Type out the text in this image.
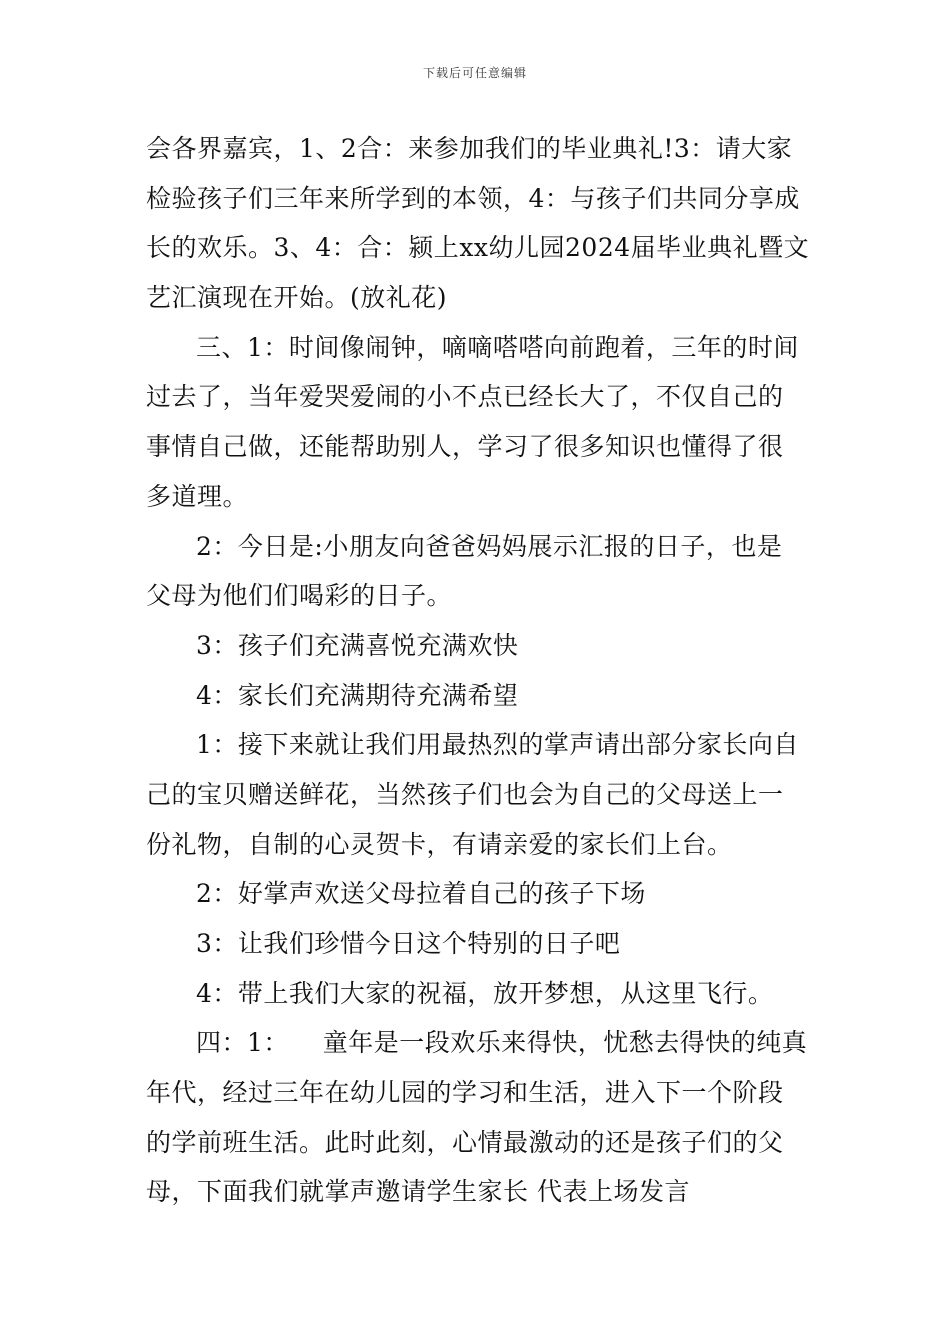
下载后可任意编辑
会各界嘉宾，1、2合：来参加我们的毕业典礼!3：请大家
检验孩子们三年来所学到的本领，4：与孩子们共同分享成
长的欢乐。3、4：合：颍上xx幼儿园2024届毕业典礼暨文
艺汇演现在开始。(放礼花)
三、1：时间像闹钟，嘀嘀嗒嗒向前跑着，三年的时间
过去了，当年爱哭爱闹的小不点已经长大了，不仅自己的
事情自己做，还能帮助别人，学习了很多知识也懂得了很
多道理。
2：今日是:小朋友向爸爸妈妈展示汇报的日子，也是
父母为他们们喝彩的日子。
3：孩子们充满喜悦充满欢快
4：家长们充满期待充满希望
1：接下来就让我们用最热烈的掌声请出部分家长向自
己的宝贝赠送鲜花，当然孩子们也会为自己的父母送上一
份礼物，自制的心灵贺卡，有请亲爱的家长们上台。
2：好掌声欢送父母拉着自己的孩子下场
3：让我们珍惜今日这个特别的日子吧
4：带上我们大家的祝福，放开梦想，从这里飞行。
四：1：    童年是一段欢乐来得快，忧愁去得快的纯真
年代，经过三年在幼儿园的学习和生活，进入下一个阶段
的学前班生活。此时此刻，心情最激动的还是孩子们的父
母，下面我们就掌声邀请学生家长 代表上场发言
